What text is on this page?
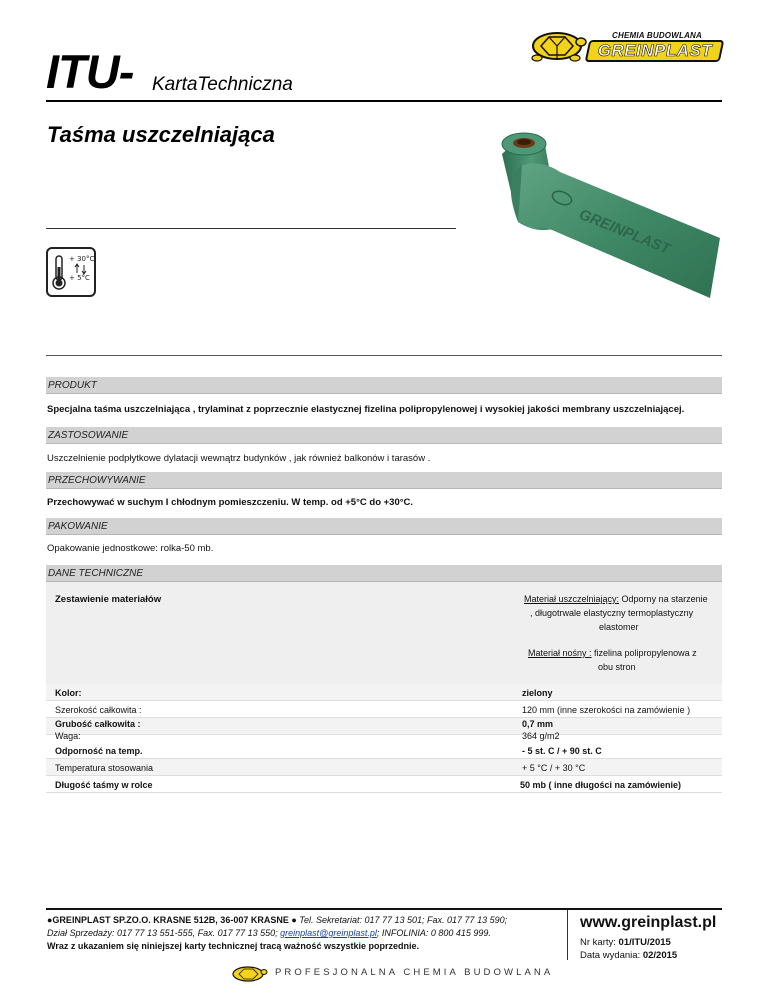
ITU- KartaTechniczna
Taśma uszczelniająca
CHEMIA BUDOWLANA
GREINPLAST
GREINPLAST
+ 30°C
+ 5°C
PRODUKT
Specjalna taśma uszczelniająca , trylaminat z poprzecznie elastycznej fizelina polipropylenowej i wysokiej jakości membrany uszczelniającej.
ZASTOSOWANIE
Uszczelnienie podpłytkowe dylatacji wewnątrz budynków , jak również balkonów i tarasów .
PRZECHOWYWANIE
Przechowywać w suchym I chłodnym pomieszczeniu. W temp. od +5°C do +30°C.
PAKOWANIE
Opakowanie jednostkowe: rolka-50 mb.
DANE TECHNICZNE
Zestawienie materiałów	Materiał uszczelniający: Odporny na starzenie
, długotrwale elastyczny termoplastyczny
elastomer
Materiał nośny : fizelina polipropylenowa z
obu stron
Kolor:	zielony
Szerokość całkowita :	120 mm (inne szerokości na zamówienie )
Grubość całkowita :	0,7 mm
Waga:	364 g/m2
Odporność na temp.	- 5 st. C / + 90 st. C
Temperatura stosowania	+ 5 °C / + 30 °C
Długość taśmy w rolce	50 mb ( inne długości na zamówienie)
●GREINPLAST SP.ZO.O. KRASNE 512B, 36-007 KRASNE ● Tel. Sekretariat: 017 77 13 501; Fax. 017 77 13 590;
Dział Sprzedaży: 017 77 13 551-555, Fax. 017 77 13 550; greinplast@greinplast.pl; INFOLINIA: 0 800 415 999.
Wraz z ukazaniem się niniejszej karty technicznej tracą ważność wszystkie poprzednie.
www.greinplast.pl
Nr karty: 01/ITU/2015
Data wydania: 02/2015
PROFESJONALNA CHEMIA BUDOWLANA
